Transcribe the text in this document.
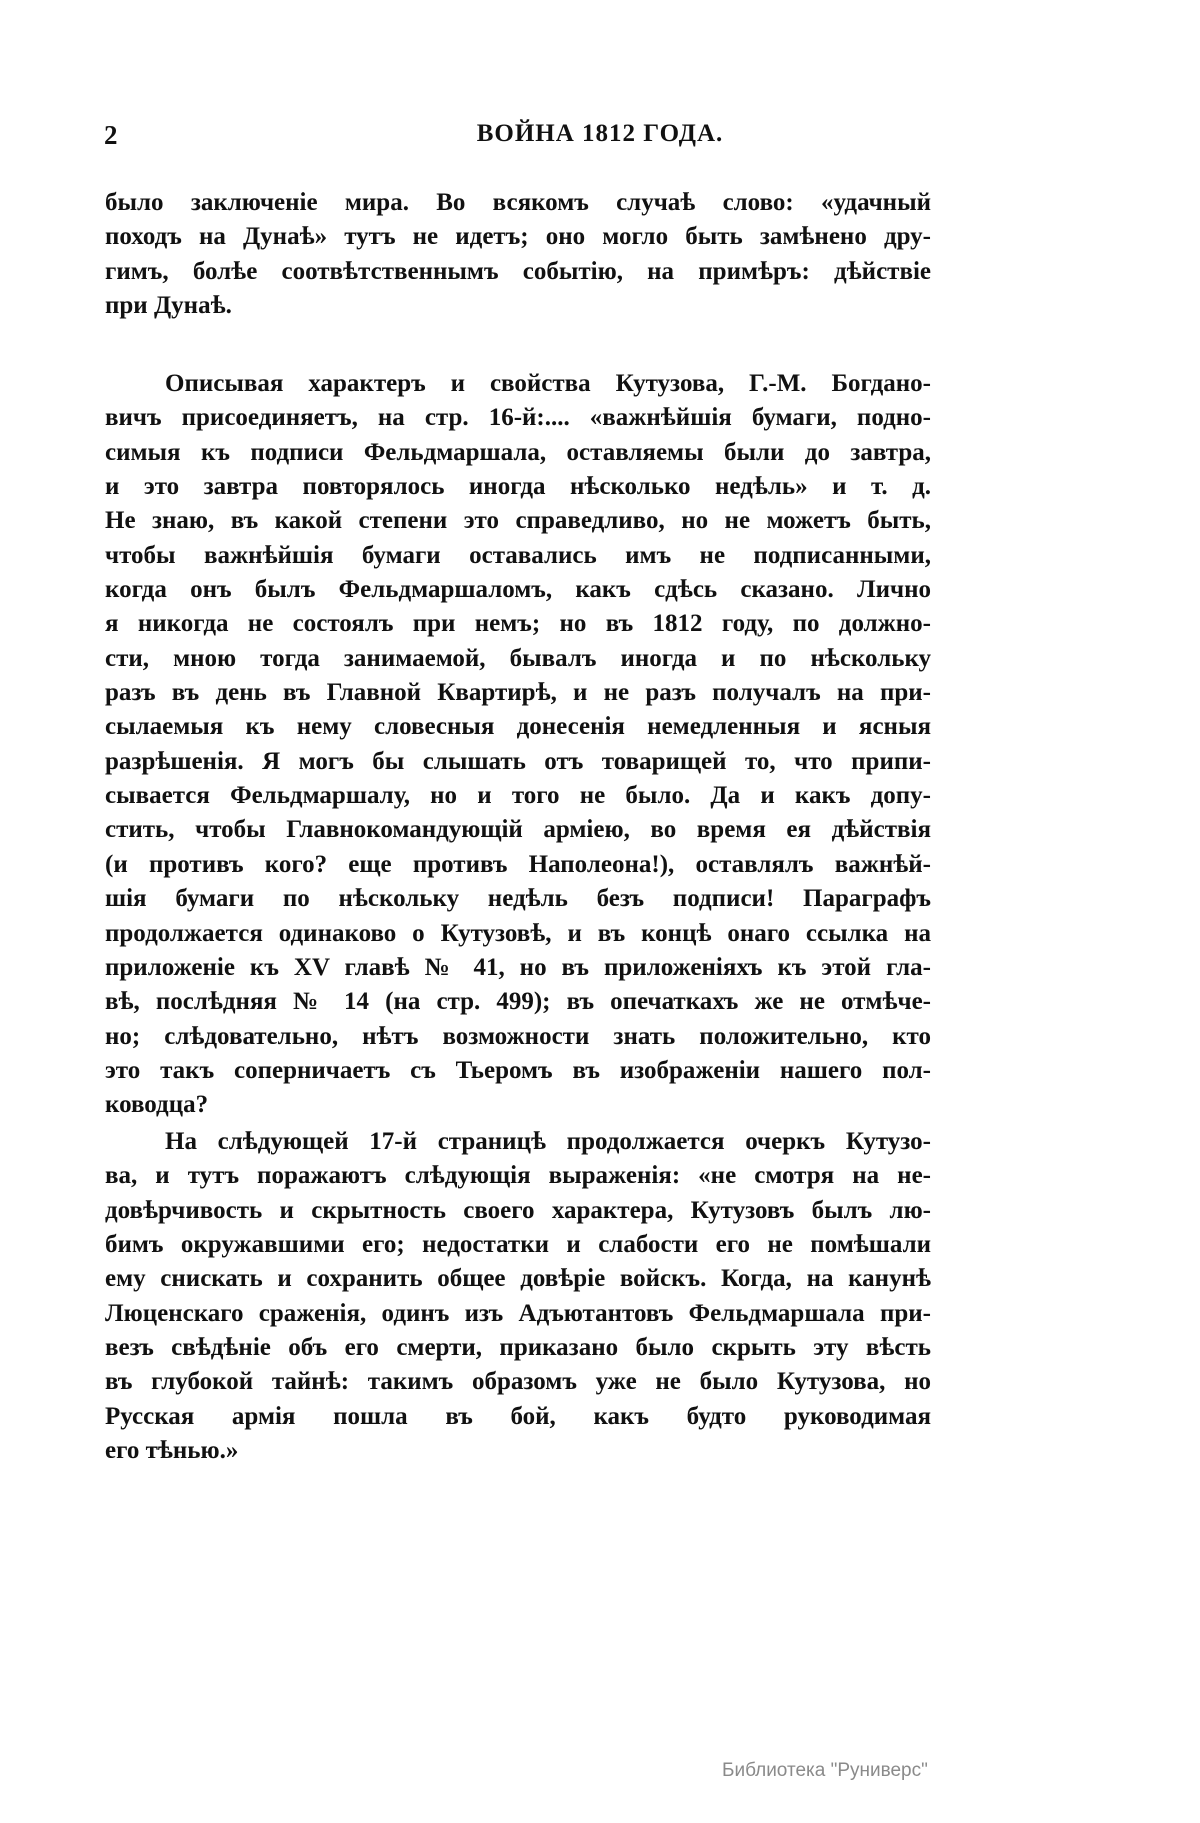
2	ВОЙНА 1812 ГОДА.
было заключеніе мира. Во всякомъ случаѣ слово: «удачный
походъ на Дунаѣ» тутъ не идетъ; оно могло быть замѣнено дру-
гимъ, болѣе соотвѣтственнымъ событію, на примѣръ: дѣйствіе
при Дунаѣ.
Описывая характеръ и свойства Кутузова, Г.-М. Богдано-
вичъ присоединяетъ, на стр. 16-й:.... «важнѣйшія бумаги, подно-
симыя къ подписи Фельдмаршала, оставляемы были до завтра,
и это завтра повторялось иногда нѣсколько недѣль» и т. д.
Не знаю, въ какой степени это справедливо, но не можетъ быть,
чтобы важнѣйшія бумаги оставались имъ не подписанными,
когда онъ былъ Фельдмаршаломъ, какъ сдѣсь сказано. Лично
я никогда не состоялъ при немъ; но въ 1812 году, по должно-
сти, мною тогда занимаемой, бывалъ иногда и по нѣскольку
разъ въ день въ Главной Квартирѣ, и не разъ получалъ на при-
сылаемыя къ нему словесныя донесенія немедленныя и ясныя
разрѣшенія. Я могъ бы слышать отъ товарищей то, что припи-
сывается Фельдмаршалу, но и того не было. Да и какъ допу-
стить, чтобы Главнокомандующій арміею, во время ея дѣйствія
(и противъ кого? еще противъ Наполеона!), оставлялъ важнѣй-
шія бумаги по нѣскольку недѣль безъ подписи! Параграфъ
продолжается одинаково о Кутузовѣ, и въ концѣ онаго ссылка на
приложеніе къ XV главѣ № 41, но въ приложеніяхъ къ этой гла-
вѣ, послѣдняя № 14 (на стр. 499); въ опечаткахъ же не отмѣче-
но; слѣдовательно, нѣтъ возможности знать положительно, кто
это такъ соперничаетъ съ Тьеромъ въ изображеніи нашего пол-
ководца?
На слѣдующей 17-й страницѣ продолжается очеркъ Кутузо-
ва, и тутъ поражаютъ слѣдующія выраженія: «не смотря на не-
довѣрчивость и скрытность своего характера, Кутузовъ былъ лю-
бимъ окружавшими его; недостатки и слабости его не помѣшали
ему снискать и сохранить общее довѣріе войскъ. Когда, на канунѣ
Люценскаго сраженія, одинъ изъ Адъютантовъ Фельдмаршала при-
везъ свѣдѣніе объ его смерти, приказано было скрыть эту вѣсть
въ глубокой тайнѣ: такимъ образомъ уже не было Кутузова, но
Русская армія пошла въ бой, какъ будто руководимая
его тѣнью.»
Библиотека "Руниверс"
